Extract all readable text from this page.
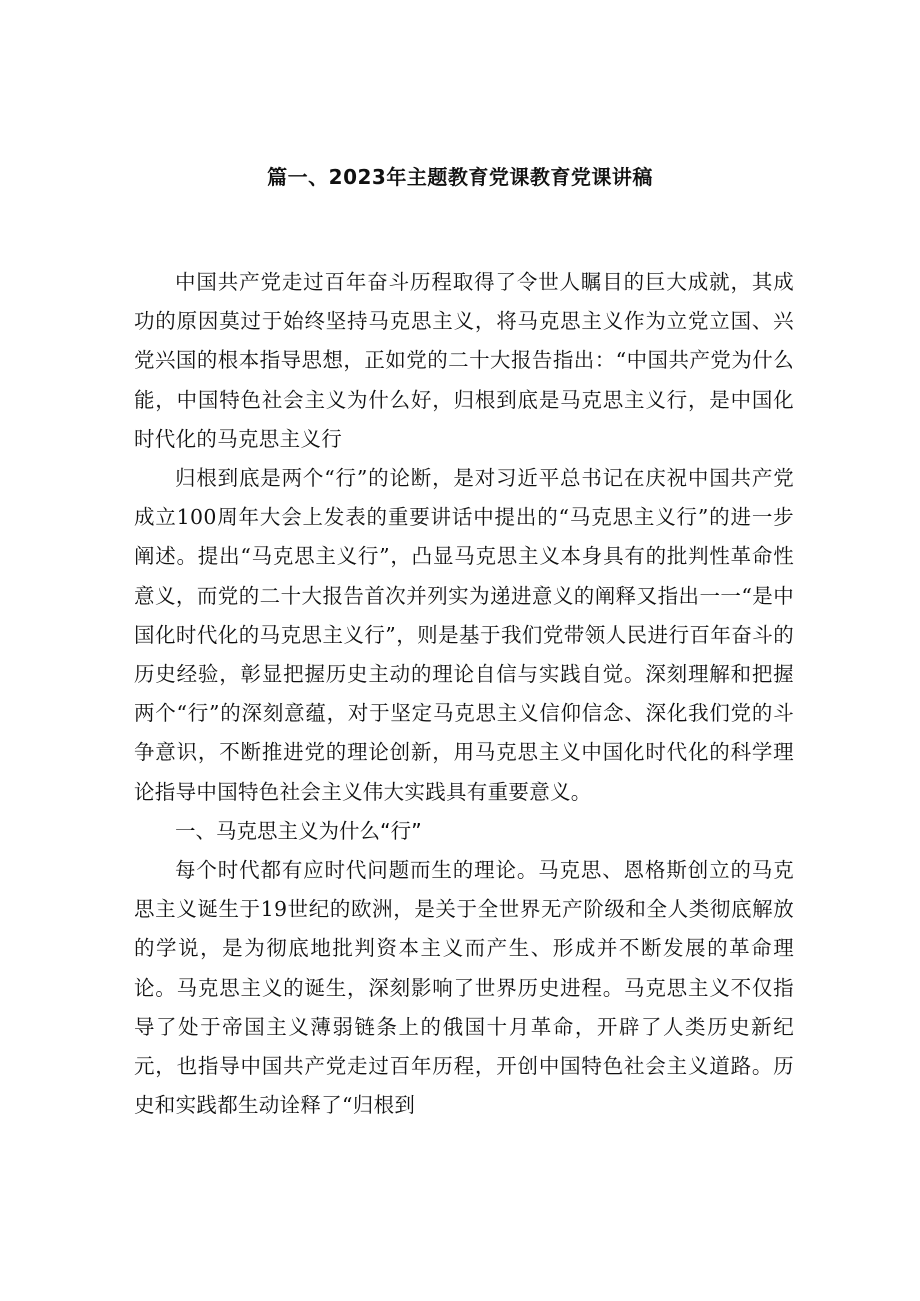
篇一、2023年主题教育党课教育党课讲稿

中国共产党走过百年奋斗历程取得了令世人瞩目的巨大成就，其成功的原因莫过于始终坚持马克思主义，将马克思主义作为立党立国、兴党兴国的根本指导思想，正如党的二十大报告指出：“中国共产党为什么能，中国特色社会主义为什么好，归根到底是马克思主义行，是中国化时代化的马克思主义行

归根到底是两个“行”的论断，是对习近平总书记在庆祝中国共产党成立100周年大会上发表的重要讲话中提出的“马克思主义行”的进一步阐述。提出“马克思主义行”，凸显马克思主义本身具有的批判性革命性意义，而党的二十大报告首次并列实为递进意义的阐释又指出一一“是中国化时代化的马克思主义行”，则是基于我们党带领人民进行百年奋斗的历史经验，彰显把握历史主动的理论自信与实践自觉。深刻理解和把握两个“行”的深刻意蕴，对于坚定马克思主义信仰信念、深化我们党的斗争意识，不断推进党的理论创新，用马克思主义中国化时代化的科学理论指导中国特色社会主义伟大实践具有重要意义。

一、马克思主义为什么“行”

每个时代都有应时代问题而生的理论。马克思、恩格斯创立的马克思主义诞生于19世纪的欧洲，是关于全世界无产阶级和全人类彻底解放的学说，是为彻底地批判资本主义而产生、形成并不断发展的革命理论。马克思主义的诞生，深刻影响了世界历史进程。马克思主义不仅指导了处于帝国主义薄弱链条上的俄国十月革命，开辟了人类历史新纪元，也指导中国共产党走过百年历程，开创中国特色社会主义道路。历史和实践都生动诠释了“归根到
